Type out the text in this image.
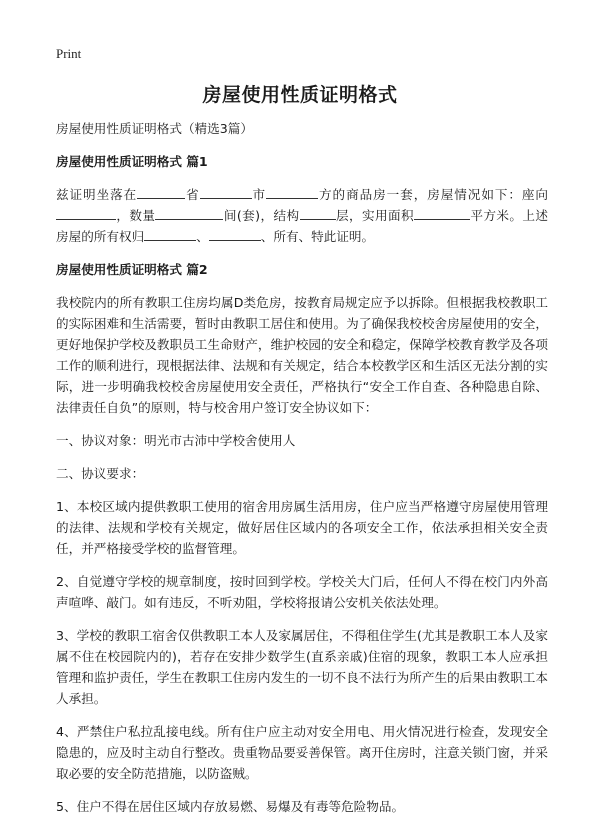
Print
房屋使用性质证明格式

房屋使用性质证明格式（精选3篇）

房屋使用性质证明格式 篇1

兹证明坐落在	省	市	方的商品房一套，房屋情况如下：座向，数量	间(套)，结构	层，实用面积	平方米。上述房屋的所有权归	、	、所有、特此证明。

房屋使用性质证明格式 篇2

我校院内的所有教职工住房均属D类危房，按教育局规定应予以拆除。但根据我校教职工的实际困难和生活需要，暂时由教职工居住和使用。为了确保我校校舍房屋使用的安全，更好地保护学校及教职员工生命财产，维护校园的安全和稳定，保障学校教育教学及各项工作的顺利进行，现根据法律、法规和有关规定，结合本校教学区和生活区无法分割的实际，进一步明确我校校舍房屋使用安全责任，严格执行“安全工作自查、各种隐患自除、法律责任自负”的原则，特与校舍用户签订安全协议如下：

一、协议对象：明光市古沛中学校舍使用人

二、协议要求：

1、本校区域内提供教职工使用的宿舍用房属生活用房，住户应当严格遵守房屋使用管理的法律、法规和学校有关规定，做好居住区域内的各项安全工作，依法承担相关安全责任，并严格接受学校的监督管理。

2、自觉遵守学校的规章制度，按时回到学校。学校关大门后，任何人不得在校门内外高声喧哗、敲门。如有违反，不听劝阻，学校将报请公安机关依法处理。

3、学校的教职工宿舍仅供教职工本人及家属居住，不得租住学生(尤其是教职工本人及家属不住在校园院内的)，若存在安排少数学生(直系亲戚)住宿的现象，教职工本人应承担管理和监护责任，学生在教职工住房内发生的一切不良不法行为所产生的后果由教职工本人承担。

4、严禁住户私拉乱接电线。所有住户应主动对安全用电、用火情况进行检查，发现安全隐患的，应及时主动自行整改。贵重物品要妥善保管。离开住房时，注意关锁门窗，并采取必要的安全防范措施，以防盗贼。

5、住户不得在居住区域内存放易燃、易爆及有毒等危险物品。
